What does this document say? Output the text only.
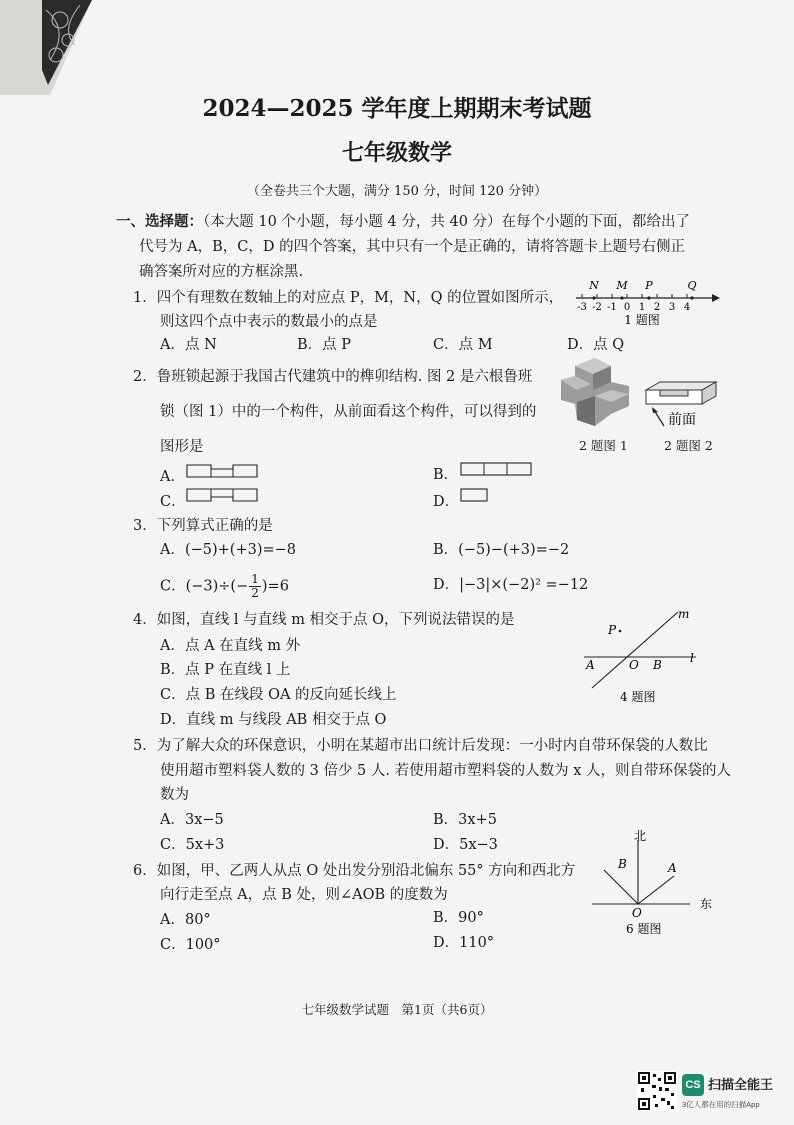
2024—2025 学年度上期期末考试题
七年级数学
（全卷共三个大题，满分 150 分，时间 120 分钟）
一、选择题：（本大题 10 个小题，每小题 4 分，共 40 分）在每个小题的下面，都给出了
代号为 A，B，C，D 的四个答案，其中只有一个是正确的，请将答题卡上题号右侧正
确答案所对应的方框涂黑.
1．四个有理数在数轴上的对应点 P，M，N，Q 的位置如图所示，
则这四个点中表示的数最小的点是
A．点 N	B．点 P	C．点 M	D．点 Q
-3 -2 -1 0 1 2 3 4
N M P	Q
1 题图
2．鲁班锁起源于我国古代建筑中的榫卯结构. 图 2 是六根鲁班
锁（图 1）中的一个构件，从前面看这个构件，可以得到的
图形是	2 题图 1
前面
2 题图 2
A．	B．
C．	D．
3．下列算式正确的是
A．(−5)+(+3)=−8	B．(−5)−(+3)=−2
C．$(-3)\div(- \frac{1}{2} )=6$	D．|−3|×(−2)² =−12
4．如图，直线 l 与直线 m 相交于点 O，下列说法错误的是
A．点 A 在直线 m 外
B．点 P 在直线 l 上
C．点 B 在线段 OA 的反向延长线上
D．直线 m 与线段 AB 相交于点 O
P
m
A	O B l
4 题图
5．为了解大众的环保意识，小明在某超市出口统计后发现：一小时内自带环保袋的人数比
使用超市塑料袋人数的 3 倍少 5 人. 若使用超市塑料袋的人数为 x 人，则自带环保袋的人
数为
A．3x−5	B．3x+5
C．5x+3	D．5x−3
6．如图，甲、乙两人从点 O 处出发分别沿北偏东 55° 方向和西北方
向行走至点 A，点 B 处，则∠AOB 的度数为
A．80°	B．90°
C．100°	D．110°
北
B	A
东
O
6 题图
七年级数学试题　第1页（共6页）
CS 扫描全能王
3亿人都在用的扫描App
